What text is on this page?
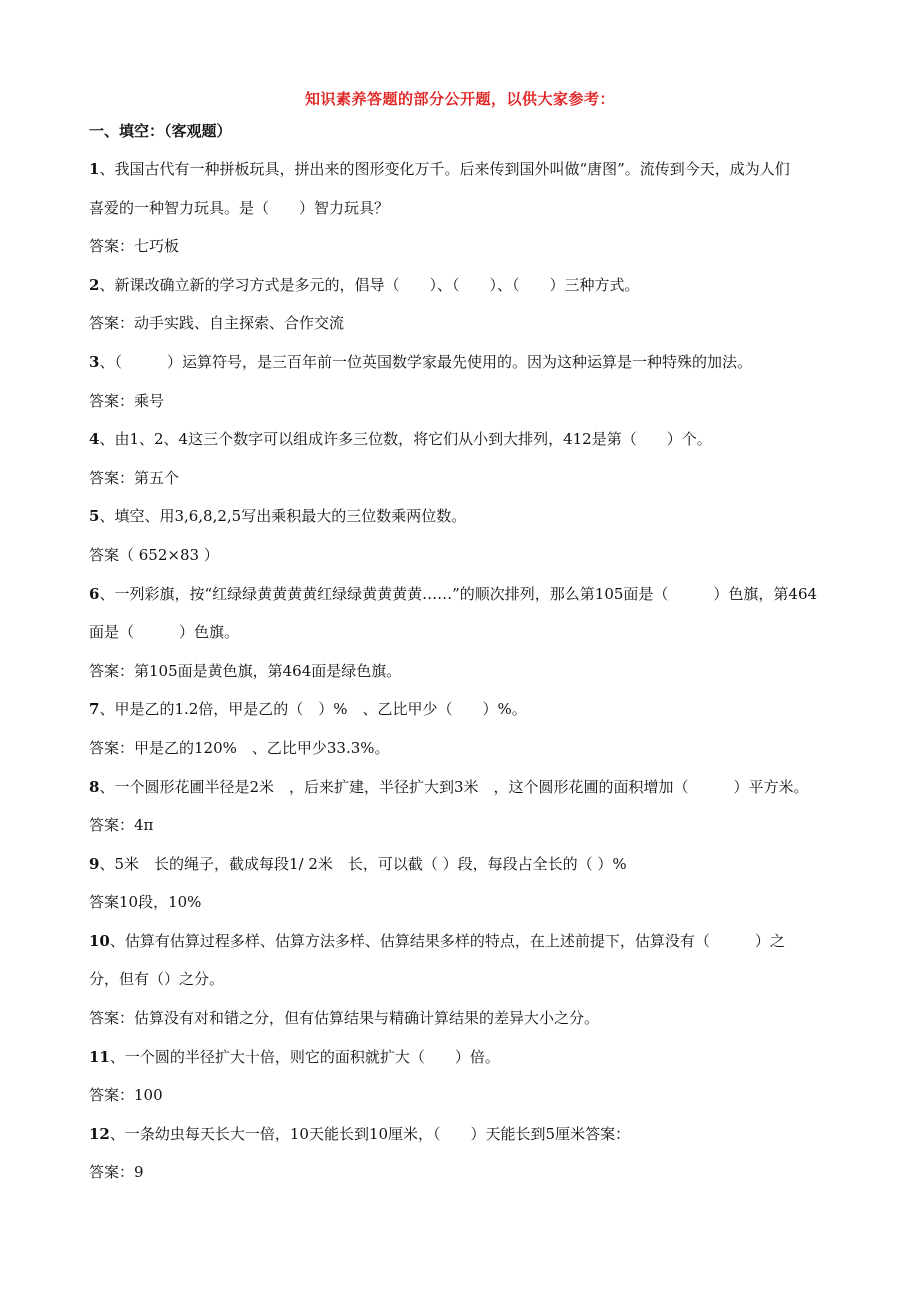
知识素养答题的部分公开题，以供大家参考：
一、填空：（客观题）
1、我国古代有一种拼板玩具，拼出来的图形变化万千。后来传到国外叫做“唐图”。流传到今天，成为人们
喜爱的一种智力玩具。是（　　）智力玩具？
答案：七巧板
2、新课改确立新的学习方式是多元的，倡导（　　）、（　　）、（　　）三种方式。
答案：动手实践、自主探索、合作交流
3、（　　　）运算符号，是三百年前一位英国数学家最先使用的。因为这种运算是一种特殊的加法。
答案：乘号
4、由1、2、4这三个数字可以组成许多三位数，将它们从小到大排列，412是第（　　）个。
答案：第五个
5、填空、用3,6,8,2,5写出乘积最大的三位数乘两位数。
答案（ 652×83 ）
6、一列彩旗，按“红绿绿黄黄黄黄红绿绿黄黄黄黄……”的顺次排列，那么第105面是（　　　）色旗，第464
面是（　　　）色旗。
答案：第105面是黄色旗，第464面是绿色旗。
7、甲是乙的1.2倍，甲是乙的（　）%　、乙比甲少（　　）%。
答案：甲是乙的120%　、乙比甲少33.3%。
8、一个圆形花圃半径是2米　，后来扩建，半径扩大到3米　，这个圆形花圃的面积增加（　　　）平方米。
答案：4π
9、5米　长的绳子，截成每段1/ 2米　长，可以截（ ）段，每段占全长的（ ）%
答案10段，10%
10、估算有估算过程多样、估算方法多样、估算结果多样的特点，在上述前提下，估算没有（　　　）之
分，但有（）之分。
答案：估算没有对和错之分，但有估算结果与精确计算结果的差异大小之分。
11、一个圆的半径扩大十倍，则它的面积就扩大（　　）倍。
答案：100
12、一条幼虫每天长大一倍，10天能长到10厘米，（　　）天能长到5厘米答案：
答案：9
